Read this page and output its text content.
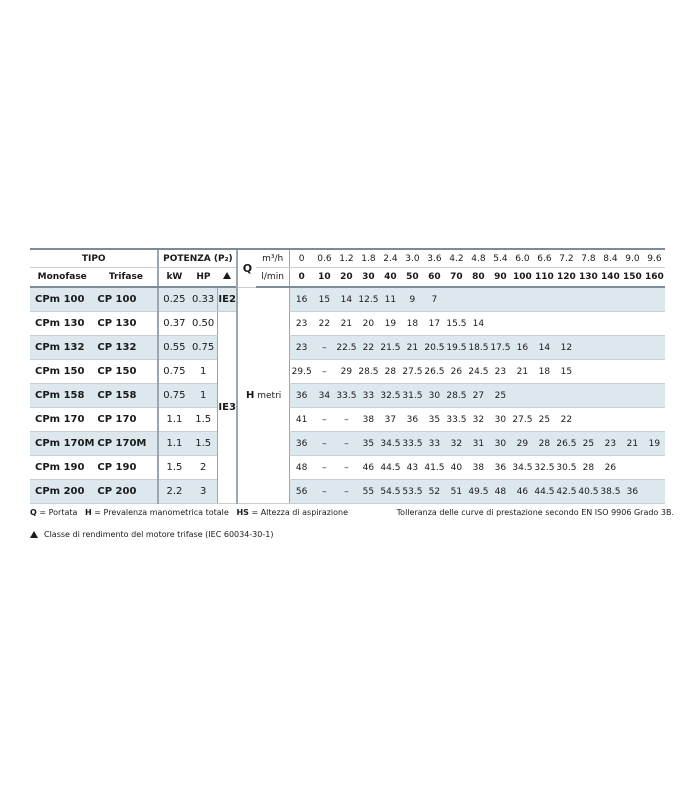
TIPO		POTENZA (P₂)			Q	m³/h	0	0.6	1.2	1.8	2.4	3.0	3.6	4.2	4.8	5.4	6.0	6.6	7.2	7.8	8.4	9.0	9.6
Monofase	Trifase	kW	HP			l/min	0	10	20	30	40	50	60	70	80	90	100	110	120	130	140	150	160
CPm 100	CP 100	0.25	0.33	IE2	H metri		16	15	14	12.5	11	9	7										
CPm 130	CP 130	0.37	0.50	IE3			23	22	21	20	19	18	17	15.5	14								
CPm 132	CP 132	0.55	0.75				23	–	22.5	22	21.5	21	20.5	19.5	18.5	17.5	16	14	12				
CPm 150	CP 150	0.75	1				29.5	–	29	28.5	28	27.5	26.5	26	24.5	23	21	18	15				
CPm 158	CP 158	0.75	1				36	34	33.5	33	32.5	31.5	30	28.5	27	25							
CPm 170	CP 170	1.1	1.5				41	–	–	38	37	36	35	33.5	32	30	27.5	25	22				
CPm 170M	CP 170M	1.1	1.5				36	–	–	35	34.5	33.5	33	32	31	30	29	28	26.5	25	23	21	19
CPm 190	CP 190	1.5	2				48	–	–	46	44.5	43	41.5	40	38	36	34.5	32.5	30.5	28	26		
CPm 200	CP 200	2.2	3				56	–	–	55	54.5	53.5	52	51	49.5	48	46	44.5	42.5	40.5	38.5	36	
Q = Portata   H = Prevalenza manometrica totale   HS = Altezza di aspirazione	Tolleranza delle curve di prestazione secondo EN ISO 9906 Grado 3B.
Classe di rendimento del motore trifase (IEC 60034-30-1)
